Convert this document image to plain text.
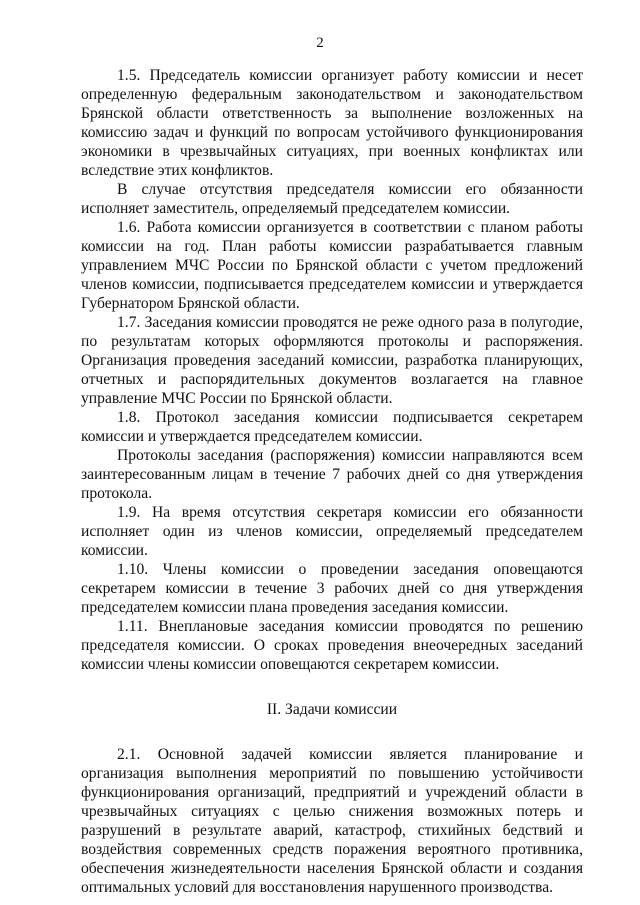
2

1.5. Председатель комиссии организует работу комиссии и несет определенную федеральным законодательством и законодательством Брянской области ответственность за выполнение возложенных на комиссию задач и функций по вопросам устойчивого функционирования экономики в чрезвычайных ситуациях, при военных конфликтах или вследствие этих конфликтов.

В случае отсутствия председателя комиссии его обязанности исполняет заместитель, определяемый председателем комиссии.

1.6. Работа комиссии организуется в соответствии с планом работы комиссии на год. План работы комиссии разрабатывается главным управлением МЧС России по Брянской области с учетом предложений членов комиссии, подписывается председателем комиссии и утверждается Губернатором Брянской области.

1.7. Заседания комиссии проводятся не реже одного раза в полугодие, по результатам которых оформляются протоколы и распоряжения. Организация проведения заседаний комиссии, разработка планирующих, отчетных и распорядительных документов возлагается на главное управление МЧС России по Брянской области.

1.8. Протокол заседания комиссии подписывается секретарем комиссии и утверждается председателем комиссии.

Протоколы заседания (распоряжения) комиссии направляются всем заинтересованным лицам в течение 7 рабочих дней со дня утверждения протокола.

1.9. На время отсутствия секретаря комиссии его обязанности исполняет один из членов комиссии, определяемый председателем комиссии.

1.10. Члены комиссии о проведении заседания оповещаются секретарем комиссии в течение 3 рабочих дней со дня утверждения председателем комиссии плана проведения заседания комиссии.

1.11. Внеплановые заседания комиссии проводятся по решению председателя комиссии. О сроках проведения внеочередных заседаний комиссии члены комиссии оповещаются секретарем комиссии.

II. Задачи комиссии

2.1. Основной задачей комиссии является планирование и организация выполнения мероприятий по повышению устойчивости функционирования организаций, предприятий и учреждений области в чрезвычайных ситуациях с целью снижения возможных потерь и разрушений в результате аварий, катастроф, стихийных бедствий и воздействия современных средств поражения вероятного противника, обеспечения жизнедеятельности населения Брянской области и создания оптимальных условий для восстановления нарушенного производства.
